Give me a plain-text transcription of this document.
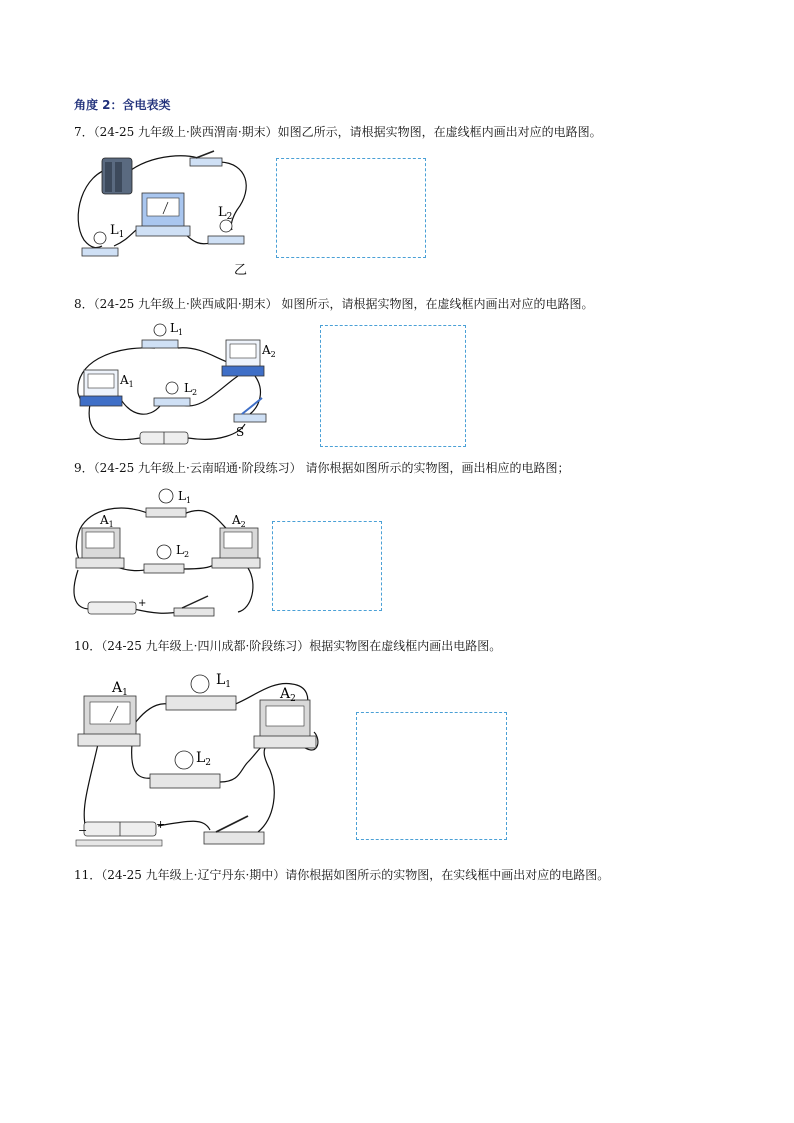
角度 2：含电表类
7．（24-25 九年级上·陕西渭南·期末）如图乙所示，请根据实物图，在虚线框内画出对应的电路图。
$L_1$
$L_2$
乙
8．（24-25 九年级上·陕西咸阳·期末） 如图所示，请根据实物图，在虚线框内画出对应的电路图。
$L_1$
$A_2$
$A_1$	$L_2$
S
9．（24-25 九年级上·云南昭通·阶段练习） 请你根据如图所示的实物图，画出相应的电路图；
+
$L_1$
$A_1$
$L_2$
$A_2$
10．（24-25 九年级上·四川成都·阶段练习）根据实物图在虚线框内画出电路图。
−	+
$A_1$
$L_1$
$A_2$
$L_2$
11．（24-25 九年级上·辽宁丹东·期中）请你根据如图所示的实物图，在实线框中画出对应的电路图。
